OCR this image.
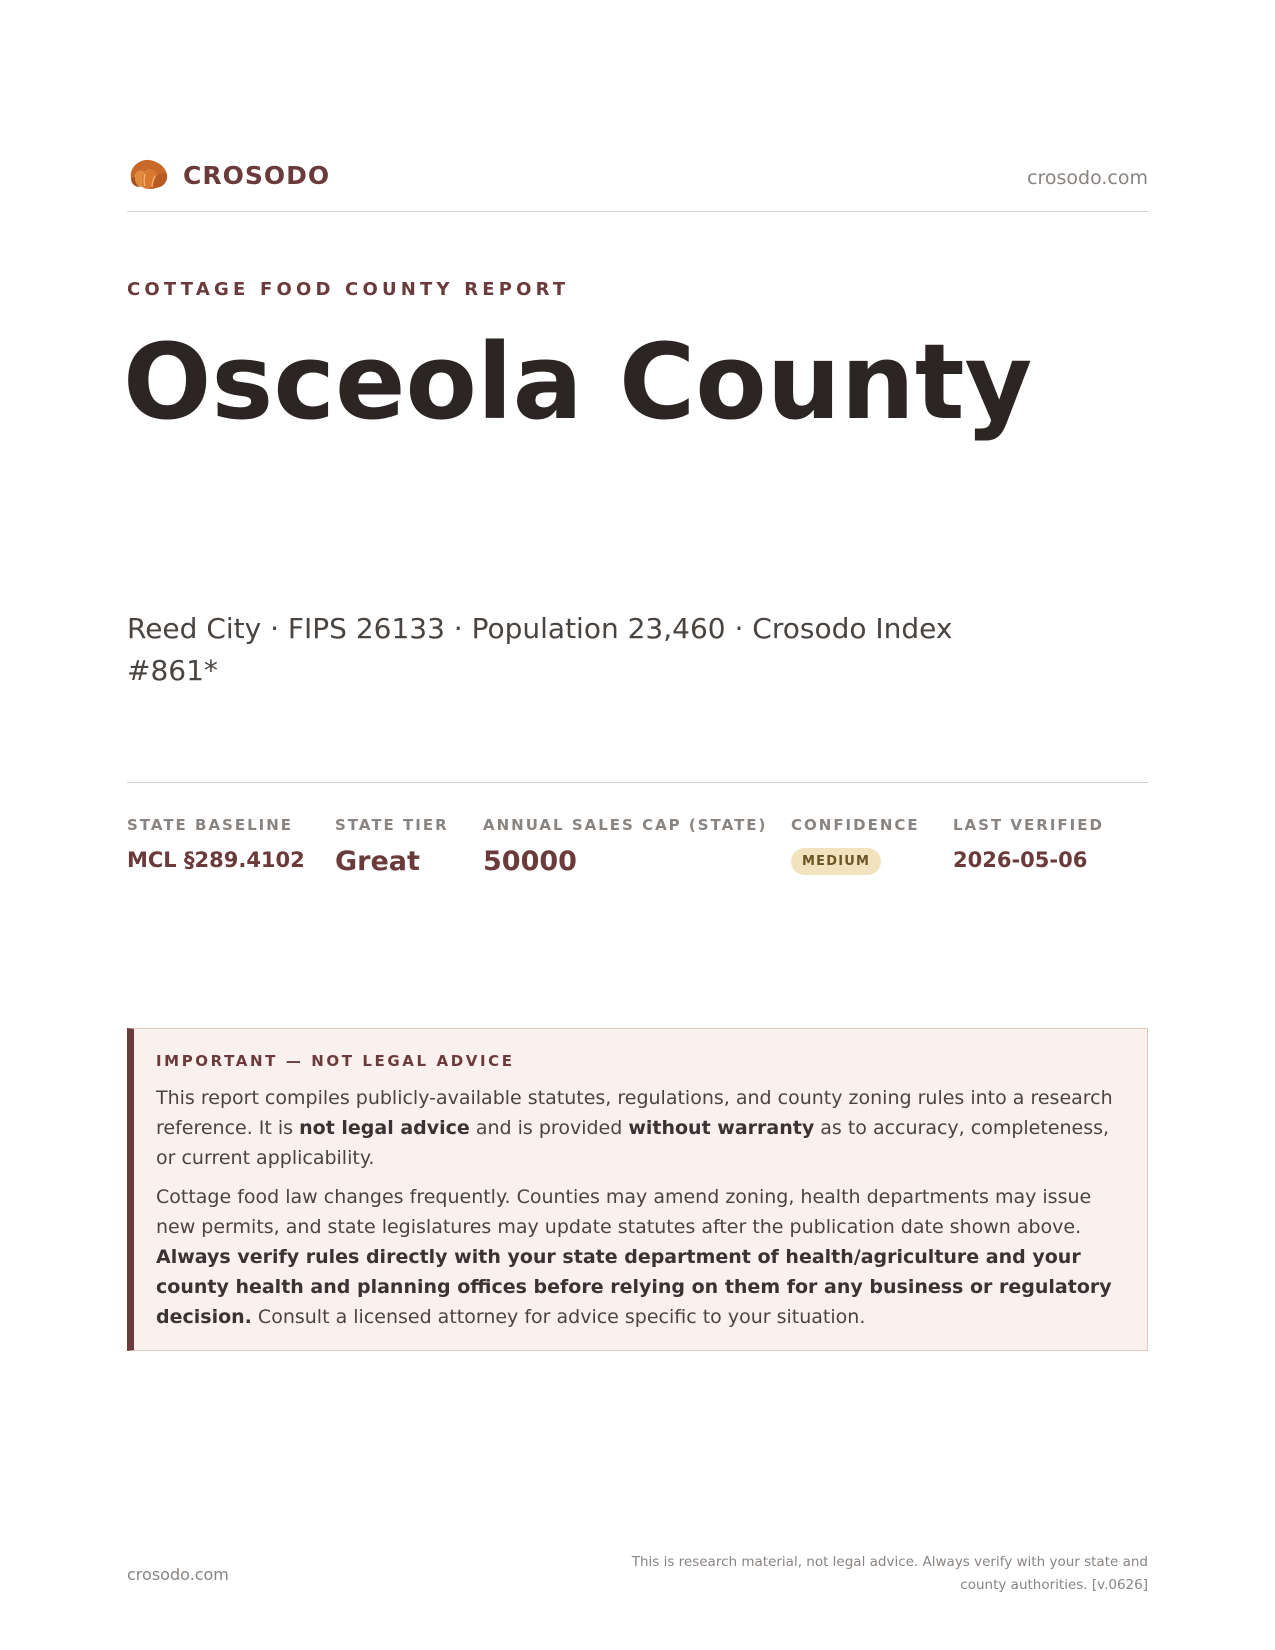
CROSODO	crosodo.com
COTTAGE FOOD COUNTY REPORT
Osceola County
Reed City · FIPS 26133 · Population 23,460 · Crosodo Index #861*
STATE BASELINE
MCL §289.4102
STATE TIER
Great
ANNUAL SALES CAP (STATE)
50000
CONFIDENCE
MEDIUM
LAST VERIFIED
2026-05-06
IMPORTANT — NOT LEGAL ADVICE

This report compiles publicly-available statutes, regulations, and county zoning rules into a research reference. It is not legal advice and is provided without warranty as to accuracy, completeness, or current applicability.

Cottage food law changes frequently. Counties may amend zoning, health departments may issue new permits, and state legislatures may update statutes after the publication date shown above. Always verify rules directly with your state department of health/agriculture and your county health and planning offices before relying on them for any business or regulatory decision. Consult a licensed attorney for advice specific to your situation.

crosodo.com
This is research material, not legal advice. Always verify with your state and county authorities. [v.0626]
